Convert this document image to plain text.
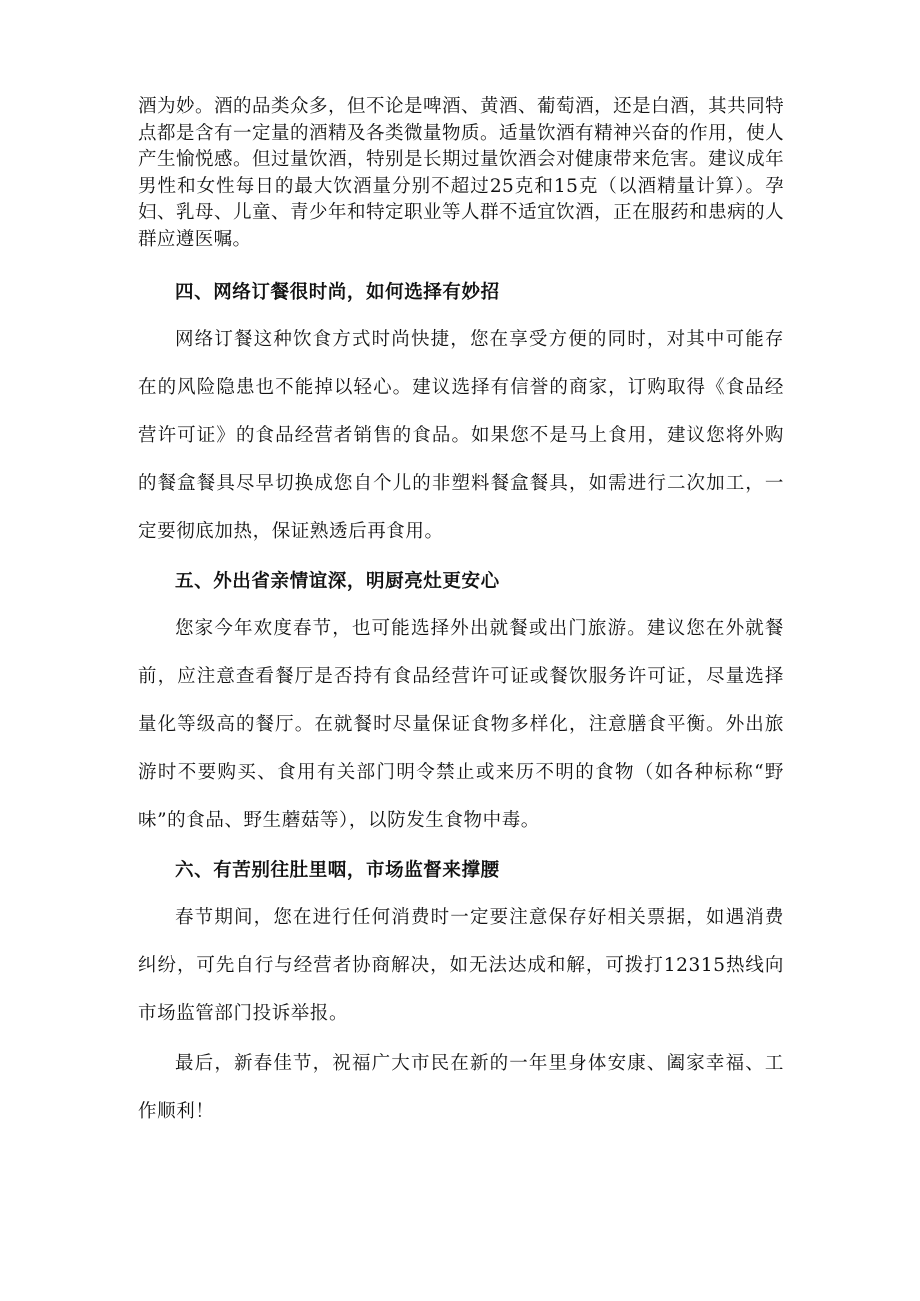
酒为妙。酒的品类众多，但不论是啤酒、黄酒、葡萄酒，还是白酒，其共同特点都是含有一定量的酒精及各类微量物质。适量饮酒有精神兴奋的作用，使人产生愉悦感。但过量饮酒，特别是长期过量饮酒会对健康带来危害。建议成年男性和女性每日的最大饮酒量分别不超过25克和15克（以酒精量计算）。孕妇、乳母、儿童、青少年和特定职业等人群不适宜饮酒，正在服药和患病的人群应遵医嘱。

四、网络订餐很时尚，如何选择有妙招

网络订餐这种饮食方式时尚快捷，您在享受方便的同时，对其中可能存在的风险隐患也不能掉以轻心。建议选择有信誉的商家，订购取得《食品经营许可证》的食品经营者销售的食品。如果您不是马上食用，建议您将外购的餐盒餐具尽早切换成您自个儿的非塑料餐盒餐具，如需进行二次加工，一定要彻底加热，保证熟透后再食用。

五、外出省亲情谊深，明厨亮灶更安心

您家今年欢度春节，也可能选择外出就餐或出门旅游。建议您在外就餐前，应注意查看餐厅是否持有食品经营许可证或餐饮服务许可证，尽量选择量化等级高的餐厅。在就餐时尽量保证食物多样化，注意膳食平衡。外出旅游时不要购买、食用有关部门明令禁止或来历不明的食物（如各种标称“野味”的食品、野生蘑菇等），以防发生食物中毒。

六、有苦别往肚里咽，市场监督来撑腰

春节期间，您在进行任何消费时一定要注意保存好相关票据，如遇消费纠纷，可先自行与经营者协商解决，如无法达成和解，可拨打12315热线向市场监管部门投诉举报。

最后，新春佳节，祝福广大市民在新的一年里身体安康、阖家幸福、工作顺利！
